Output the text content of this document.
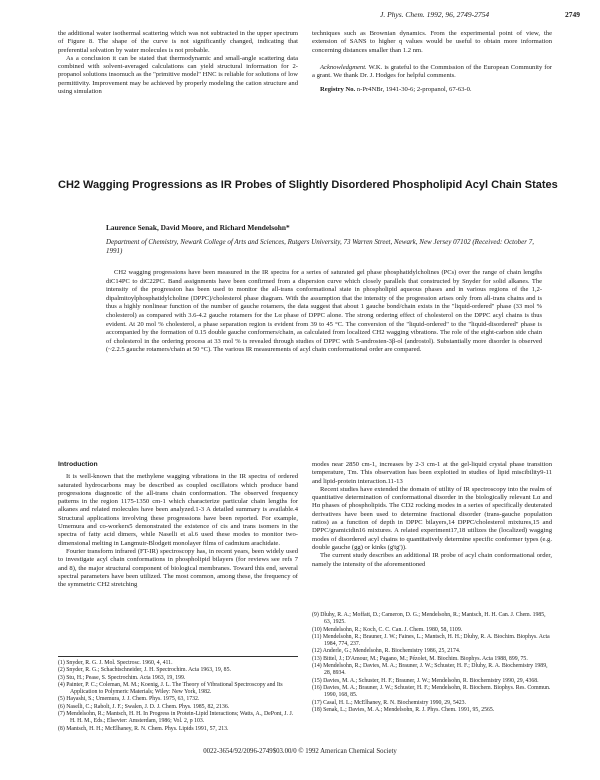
J. Phys. Chem. 1992, 96, 2749-2754	2749

the additional water isothermal scattering which was not subtracted in the upper spectrum of Figure 8. The shape of the curve is not significantly changed, indicating that preferential solvation by water molecules is not probable.

As a conclusion it can be stated that thermodynamic and small-angle scattering data combined with solvent-averaged calculations can yield structural information for 2-propanol solutions insomuch as the "primitive model" HNC is reliable for solutions of low permittivity. Improvement may be achieved by properly modeling the cation structure and using simulation

techniques such as Brownian dynamics. From the experimental point of view, the extension of SANS to higher q values would be useful to obtain more information concerning distances smaller than 1.2 nm.

Acknowledgment. W.K. is grateful to the Commission of the European Community for a grant. We thank Dr. J. Hodges for helpful comments.

Registry No. n-Pr4NBr, 1941-30-6; 2-propanol, 67-63-0.

CH2 Wagging Progressions as IR Probes of Slightly Disordered Phospholipid Acyl Chain States
Laurence Senak, David Moore, and Richard Mendelsohn*
Department of Chemistry, Newark College of Arts and Sciences, Rutgers University, 73 Warren Street, Newark, New Jersey 07102 (Received: October 7, 1991)
CH2 wagging progressions have been measured in the IR spectra for a series of saturated gel phase phosphatidylcholines (PCs) over the range of chain lengths diC14PC to diC22PC. Band assignments have been confirmed from a dispersion curve which closely parallels that constructed by Snyder for solid alkanes. The intensity of the progression has been used to monitor the all-trans conformational state in phospholipid aqueous phases and in various regions of the 1,2-dipalmitoylphosphatidylcholine (DPPC)/cholesterol phase diagram. With the assumption that the intensity of the progression arises only from all-trans chains and is thus a highly nonlinear function of the number of gauche rotamers, the data suggest that about 1 gauche bond/chain exists in the "liquid-ordered" phase (33 mol % cholesterol) as compared with 3.6-4.2 gauche rotamers for the Lα phase of DPPC alone. The strong ordering effect of cholesterol on the DPPC acyl chains is thus evident. At 20 mol % cholesterol, a phase separation region is evident from 39 to 45 °C. The conversion of the "liquid-ordered" to the "liquid-disordered" phase is accompanied by the formation of 0.15 double gauche conformers/chain, as calculated from localized CH2 wagging vibrations. The role of the eight-carbon side chain of cholesterol in the ordering process at 33 mol % is revealed through studies of DPPC with 5-androsten-3β-ol (androstol). Substantially more disorder is observed (~2.2.5 gauche rotamers/chain at 50 °C). The various IR measurements of acyl chain conformational order are compared.

Introduction

It is well-known that the methylene wagging vibrations in the IR spectra of ordered saturated hydrocarbons may be described as coupled oscillators which produce band progressions diagnostic of the all-trans chain conformation. The observed frequency patterns in the region 1175-1350 cm-1 which characterize particular chain lengths for alkanes and related molecules have been analyzed.1-3 A detailed summary is available.4 Structural applications involving these progressions have been reported. For example, Umemura and co-workers5 demonstrated the existence of cis and trans isomers in the spectra of fatty acid dimers, while Naselli et al.6 used these modes to monitor two-dimensional melting in Langmuir-Blodgett monolayer films of cadmium arachidate.

Fourier transform infrared (FT-IR) spectroscopy has, in recent years, been widely used to investigate acyl chain conformations in phospholipid bilayers (for reviews see refs 7 and 8), the major structural component of biological membranes. Toward this end, several spectral parameters have been utilized. The most common, among these, the frequency of the symmetric CH2 stretching

modes near 2850 cm-1, increases by 2-3 cm-1 at the gel-liquid crystal phase transition temperature, Tm. This observation has been exploited in studies of lipid miscibility9-11 and lipid-protein interaction.11-13

Recent studies have extended the domain of utility of IR spectroscopy into the realm of quantitative determination of conformational disorder in the biologically relevant Lα and Hα phases of phospholipids. The CD2 rocking modes in a series of specifically deuterated derivatives have been used to determine fractional disorder (trans-gauche population ratios) as a function of depth in DPPC bilayers,14 DPPC/cholesterol mixtures,15 and DPPC/gramicidin16 mixtures. A related experiment17,18 utilizes the (localized) wagging modes of disordered acyl chains to quantitatively determine specific conformer types (e.g. double gauche (gg) or kinks (g'tg')).

The current study describes an additional IR probe of acyl chain conformational order, namely the intensity of the aforementioned

(1) Snyder, R. G. J. Mol. Spectrosc. 1960, 4, 411.
(2) Snyder, R. G.; Schachtschneider, J. H. Spectrochim. Acta 1963, 19, 85.
(3) Stu, H.; Pease, S. Spectrochim. Acta 1963, 19, 199.
(4) Painter, P. C.; Coleman, M. M.; Koenig, J. L. The Theory of Vibrational Spectroscopy and Its Application to Polymeric Materials; Wiley: New York, 1982.
(5) Hayashi, S.; Umemura, J. J. Chem. Phys. 1975, 63, 1732.
(6) Naselli, C.; Rabolt, J. F.; Swalen, J. D. J. Chem. Phys. 1985, 82, 2136.
(7) Mendelsohn, R.; Mantsch, H. H. In Progress in Protein-Lipid Interactions; Watts, A., DePont, J. J. H. H. M., Eds.; Elsevier: Amsterdam, 1986; Vol. 2, p 103.
(8) Mantsch, H. H.; McElhaney, R. N. Chem. Phys. Lipids 1991, 57, 213.
(9) Dluhy, R. A.; Moffatt, D.; Cameron, D. G.; Mendelsohn, R.; Mantsch, H. H. Can. J. Chem. 1985, 63, 1925.
(10) Mendelsohn, R.; Koch, C. C. Can. J. Chem. 1980, 58, 1109.
(11) Mendelsohn, R.; Brauner, J. W.; Faines, L.; Mantsch, H. H.; Dluhy, R. A. Biochim. Biophys. Acta 1984, 774, 237.
(12) Anderle, G.; Mendelsohn, R. Biochemistry 1986, 25, 2174.
(13) Bittel, J.; D'Amour, M.; Pagano, M.; Pézolet, M. Biochim. Biophys. Acta 1988, 899, 75.
(14) Mendelsohn, R.; Davies, M. A.; Brauner, J. W.; Schuster, H. F.; Dluhy, R. A. Biochemistry 1989, 28, 8934.
(15) Davies, M. A.; Schuster, H. F.; Brauner, J. W.; Mendelsohn, R. Biochemistry 1990, 29, 4368.
(16) Davies, M. A.; Brauner, J. W.; Schuster, H. F.; Mendelsohn, R. Biochem. Biophys. Res. Commun. 1990, 168, 85.
(17) Casal, H. L.; McElhaney, R. N. Biochemistry 1990, 29, 5423.
(18) Senak, L.; Davies, M. A.; Mendelsohn, R. J. Phys. Chem. 1991, 95, 2565.
0022-3654/92/2096-2749$03.00/0 © 1992 American Chemical Society
